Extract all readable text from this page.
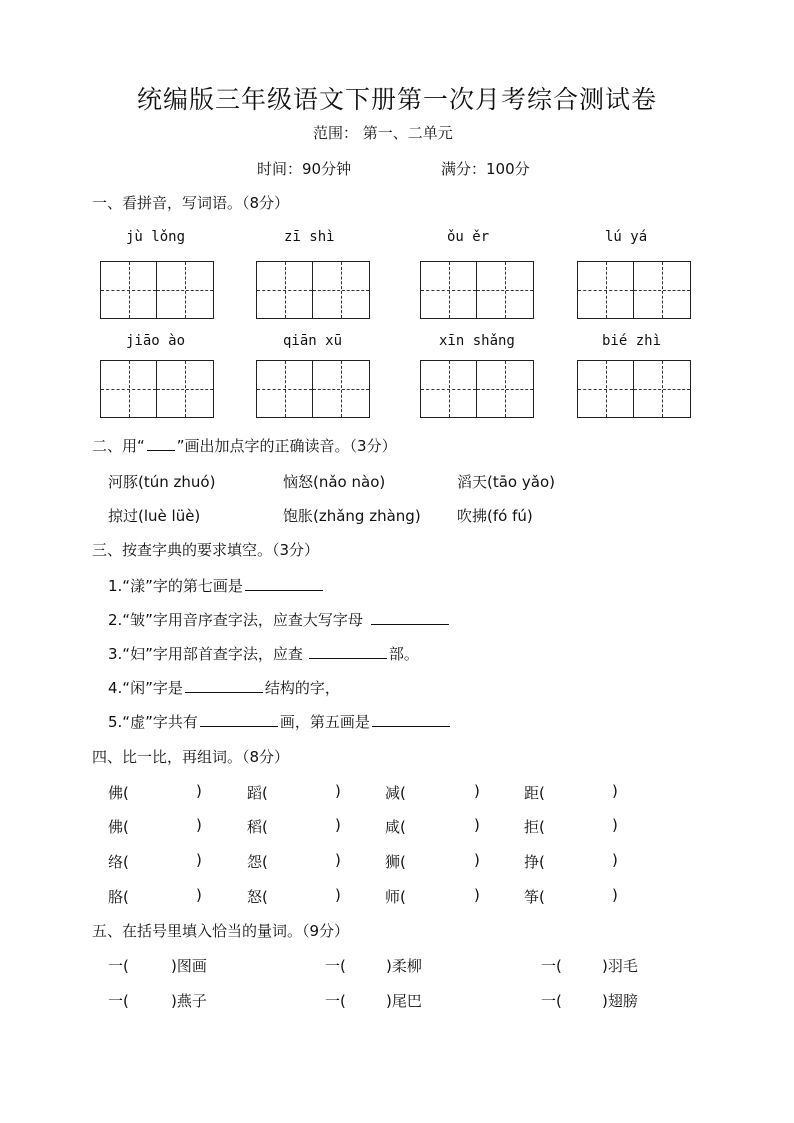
统编版三年级语文下册第一次月考综合测试卷
范围： 第一、二单元
时间：90分钟	满分：100分
一、看拼音，写词语。（8分）
jù lǒng	zī shì	ǒu ěr	lú yá
jiāo ào	qiān xū	xīn shǎng	bié zhì
二、用“ ”画出加点字的正确读音。（3分）
河豚(tún zhuó)	恼怒(nǎo nào)	滔天(tāo yǎo)
掠过(luè lüè)	饱胀(zhǎng zhàng) 吹拂(fó fú)
三、按查字典的要求填空。（3分）
1.“漾”字的第七画是
2.“皱”字用音序查字法，应查大写字母
3.“妇”字用部首查字法，应查	部。
4.“闲”字是	结构的字，
5.“虚”字共有	画，第五画是
四、比一比，再组词。（8分）
佛(	)	蹈(	)	减(	)	距(	)
佛(	)	稻(	)	咸(	)	拒(	)
络(	)	怨(	)	狮(	)	挣(	)
胳(	)	怒(	)	师(	)	筝(	)
五、在括号里填入恰当的量词。（9分）
一(	)图画	一(	)柔柳	一(	)羽毛
一(	)燕子	一(	)尾巴	一(	)翅膀
